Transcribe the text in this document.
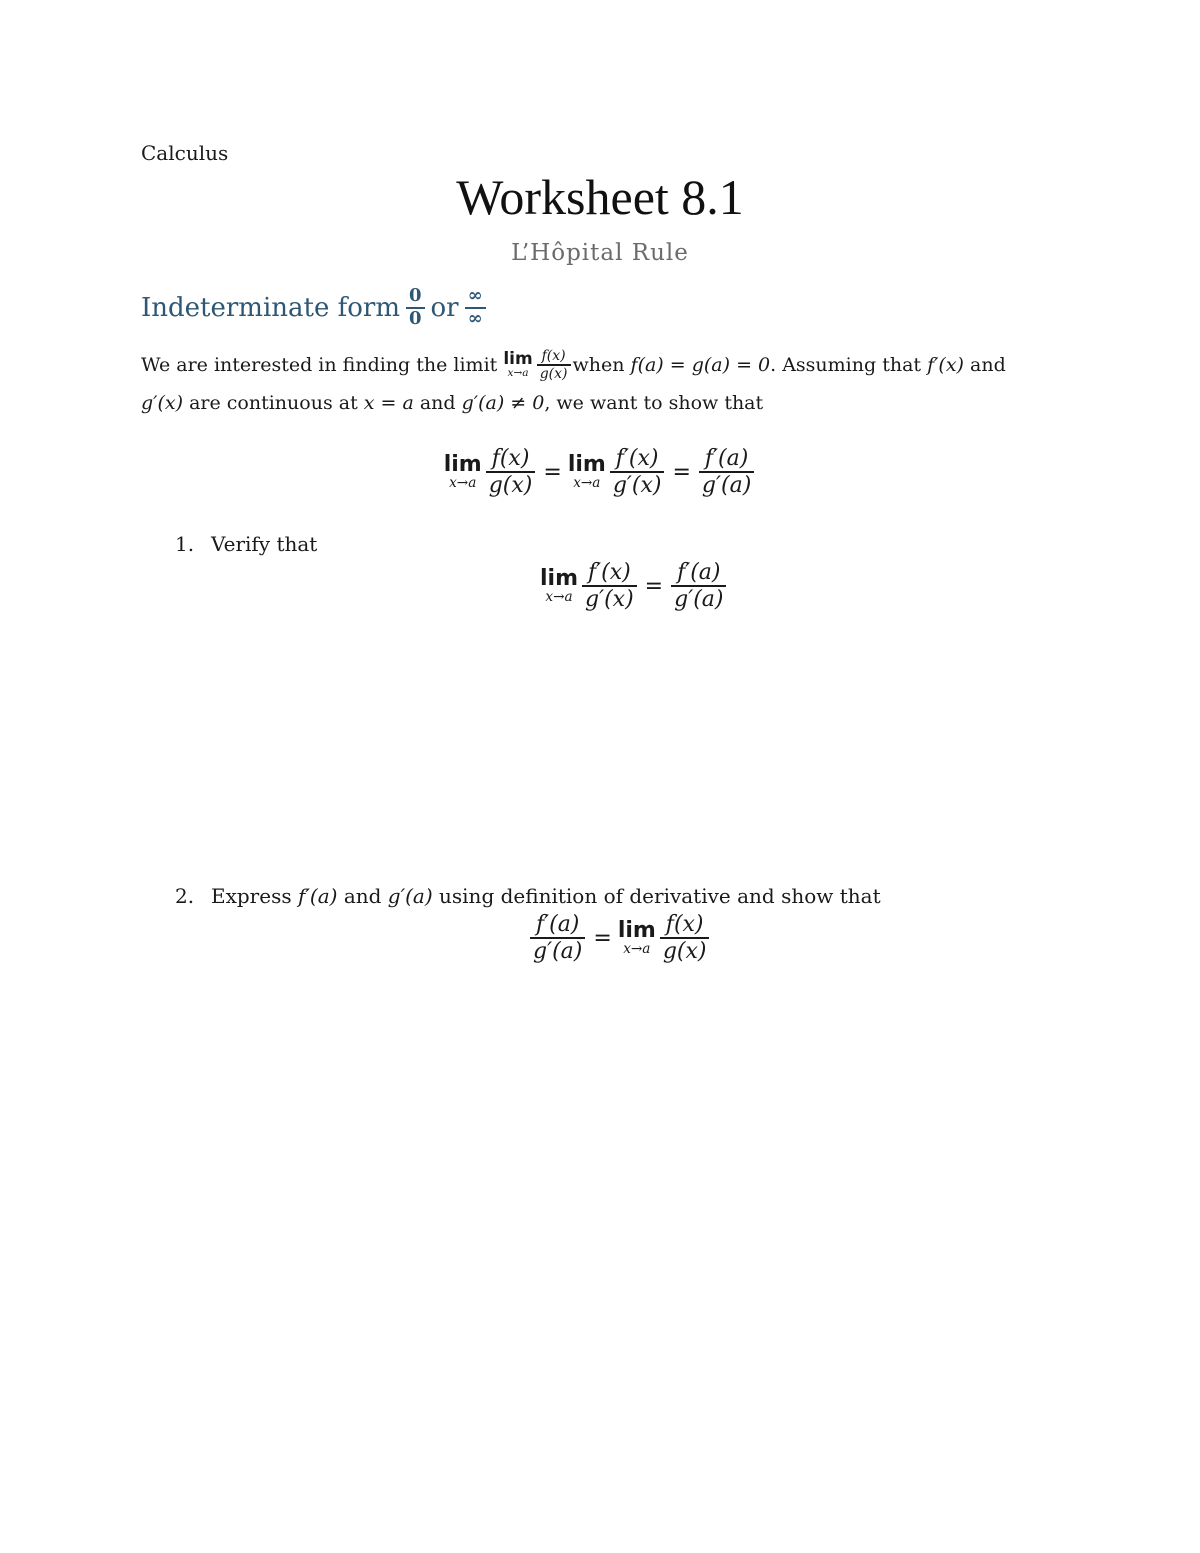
Calculus
Worksheet 8.1
L’Hôpital Rule
Indeterminate form $\frac{0}{0}$ or $\frac{\infty}{\infty}$
We are interested in finding the limit
lim
$x\to a \frac{f(x)}{g(x)}$ when
f(a) = g(a) = 0 . Assuming that
f′(x)
and
g′(x)
are continuous at
x = a
and
g′(a) ≠ 0 , we want to show that
lim
$x\to a \frac{f(x)}{g(x)} = \lim$
$x\to a \frac{f'(x)}{g'(x)} = \frac{f'(a)}{g'(a)}$
1. Verify that
lim
$x\to a \frac{f'(x)}{g'(x)} = \frac{f'(a)}{g'(a)}$
2. Express
f′(a)
and
g′(a)
using definition of derivative and show that
$\frac{f'(a)}{g'(a)} = \lim$
$x\to a \frac{f(x)}{g(x)}$
